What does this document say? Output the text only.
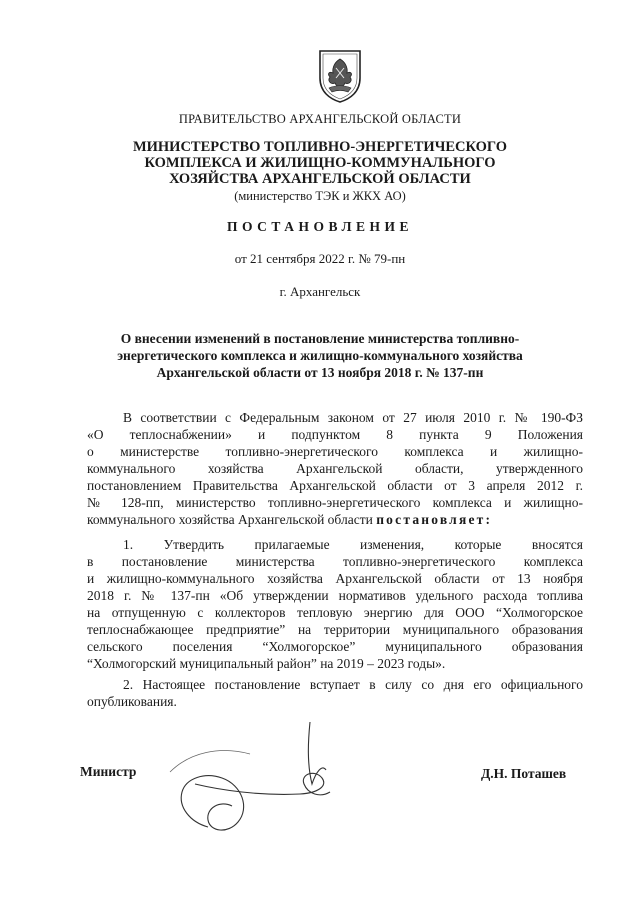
ПРАВИТЕЛЬСТВО АРХАНГЕЛЬСКОЙ ОБЛАСТИ
МИНИСТЕРСТВО ТОПЛИВНО-ЭНЕРГЕТИЧЕСКОГО
КОМПЛЕКСА И ЖИЛИЩНО-КОММУНАЛЬНОГО
ХОЗЯЙСТВА АРХАНГЕЛЬСКОЙ ОБЛАСТИ
(министерство ТЭК и ЖКХ АО)
ПОСТАНОВЛЕНИЕ
от 21 сентября 2022 г. № 79-пн
г. Архангельск
О внесении изменений в постановление министерства топливно-
энергетического комплекса и жилищно-коммунального хозяйства
Архангельской области от 13 ноября 2018 г. № 137-пн
В соответствии с Федеральным законом от 27 июля 2010 г. № 190-ФЗ
«О теплоснабжении» и подпунктом 8 пункта 9 Положения
о министерстве топливно-энергетического комплекса и жилищно-
коммунального хозяйства Архангельской области, утвержденного
постановлением Правительства Архангельской области от 3 апреля 2012 г.
№ 128-пп, министерство топливно-энергетического комплекса и жилищно-
коммунального хозяйства Архангельской области постановляет:
1. Утвердить прилагаемые изменения, которые вносятся
в постановление министерства топливно-энергетического комплекса
и жилищно-коммунального хозяйства Архангельской области от 13 ноября
2018 г. № 137-пн «Об утверждении нормативов удельного расхода топлива
на отпущенную с коллекторов тепловую энергию для ООО “Холмогорское
теплоснабжающее предприятие” на территории муниципального образования
сельского поселения “Холмогорское” муниципального образования
“Холмогорский муниципальный район” на 2019 – 2023 годы».
2. Настоящее постановление вступает в силу со дня его официального
опубликования.
Министр	Д.Н. Поташев
